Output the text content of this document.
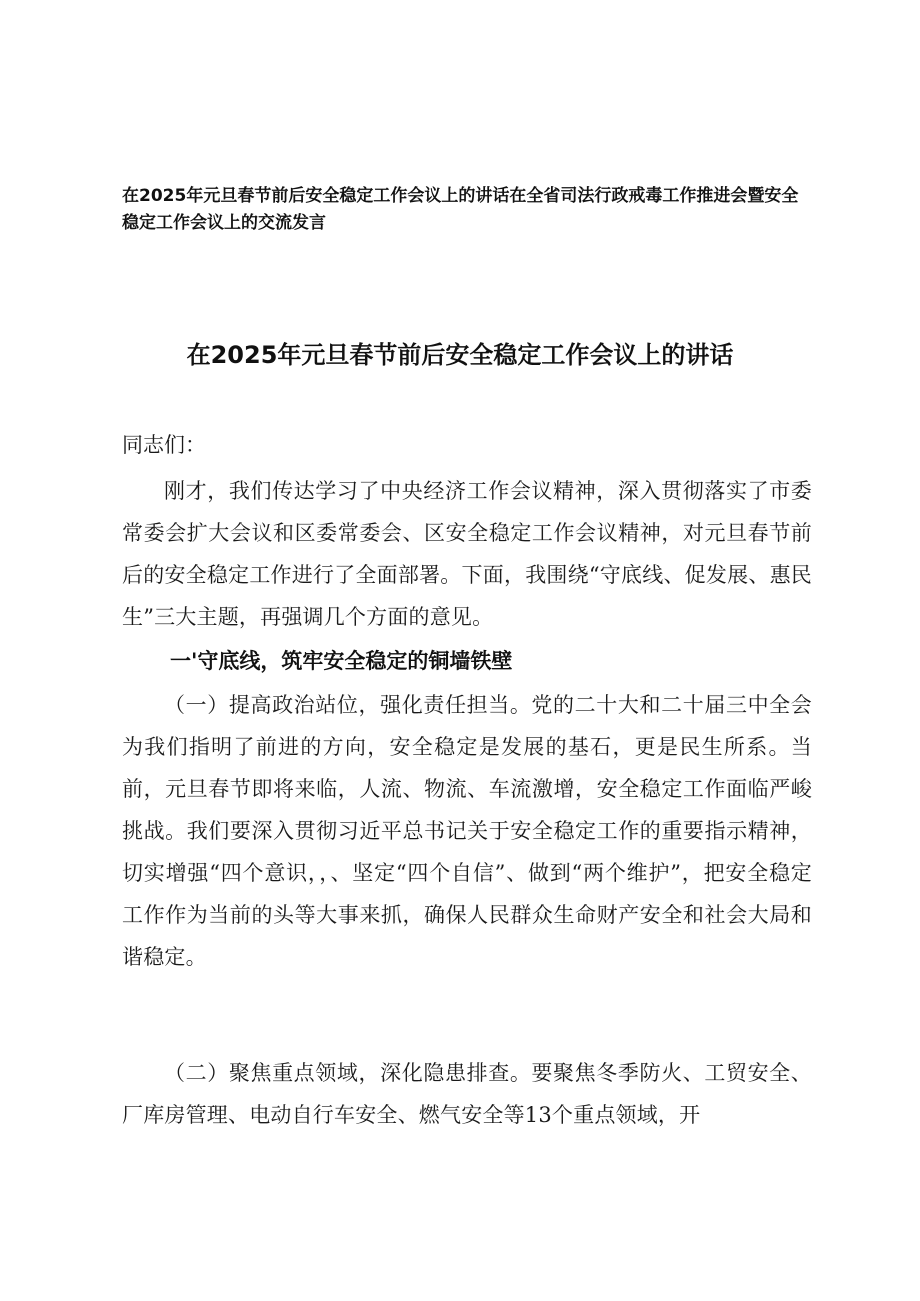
在2025年元旦春节前后安全稳定工作会议上的讲话在全省司法行政戒毒工作推进会暨安全稳定工作会议上的交流发言

在2025年元旦春节前后安全稳定工作会议上的讲话

同志们：

刚才，我们传达学习了中央经济工作会议精神，深入贯彻落实了市委常委会扩大会议和区委常委会、区安全稳定工作会议精神，对元旦春节前后的安全稳定工作进行了全面部署。下面，我围绕“守底线、促发展、惠民生”三大主题，再强调几个方面的意见。

一'守底线，筑牢安全稳定的铜墙铁壁

（一）提高政治站位，强化责任担当。党的二十大和二十届三中全会为我们指明了前进的方向，安全稳定是发展的基石，更是民生所系。当前，元旦春节即将来临，人流、物流、车流激增，安全稳定工作面临严峻挑战。我们要深入贯彻习近平总书记关于安全稳定工作的重要指示精神，切实增强“四个意识，，、坚定“四个自信”、做到“两个维护”，把安全稳定工作作为当前的头等大事来抓，确保人民群众生命财产安全和社会大局和谐稳定。

（二）聚焦重点领域，深化隐患排查。要聚焦冬季防火、工贸安全、厂库房管理、电动自行车安全、燃气安全等13个重点领域，开
